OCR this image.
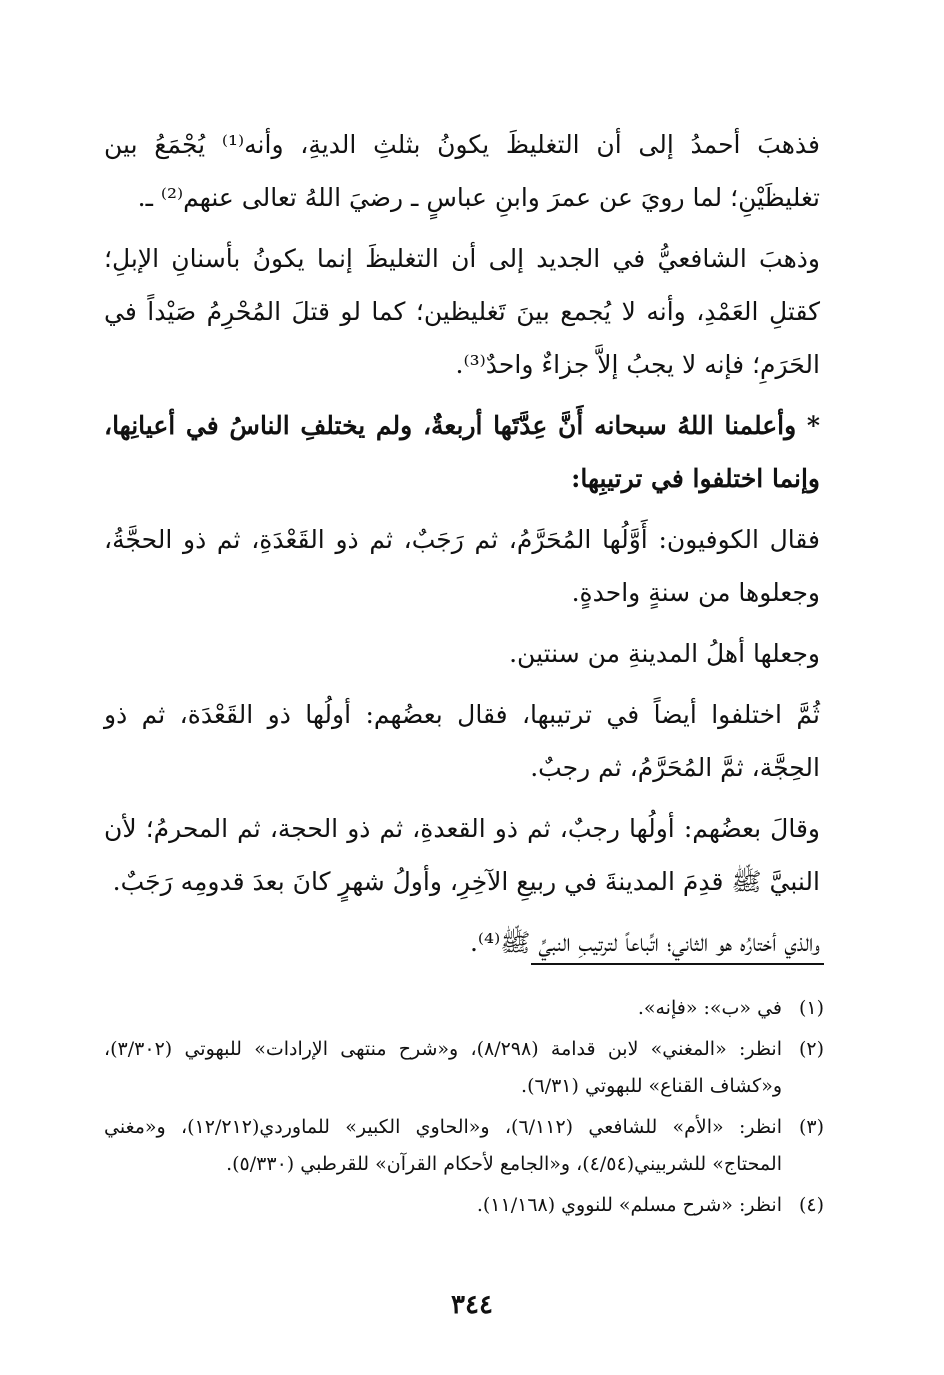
فذهبَ أحمدُ إلى أن التغليظَ يكونُ بثلثِ الديةِ، وأنه⁽¹⁾ يُجْمَعُ بين تغليظَيْنِ؛ لما رويَ عن عمرَ وابنِ عباسٍ ـ رضيَ اللهُ تعالى عنهم⁽²⁾ ـ.

وذهبَ الشافعيُّ في الجديد إلى أن التغليظَ إنما يكونُ بأسنانِ الإبلِ؛ كقتلِ العَمْدِ، وأنه لا يُجمع بينَ تَغليظين؛ كما لو قتلَ المُحْرِمُ صَيْداً في الحَرَمِ؛ فإنه لا يجبُ إلاَّ جزاءٌ واحدٌ⁽³⁾.

* وأعلمنا اللهُ سبحانه أَنَّ عِدَّتَها أربعةٌ، ولم يختلفِ الناسُ في أعيانِها، وإنما اختلفوا في ترتيبِها:

فقال الكوفيون: أَوَّلُها المُحَرَّمُ، ثم رَجَبٌ، ثم ذو القَعْدَةِ، ثم ذو الحجَّةُ، وجعلوها من سنةٍ واحدةٍ.

وجعلها أهلُ المدينةِ من سنتين.

ثُمَّ اختلفوا أيضاً في ترتيبها، فقال بعضُهم: أولُها ذو القَعْدَة، ثم ذو الحِجَّة، ثمَّ المُحَرَّمُ، ثم رجبٌ.

وقالَ بعضُهم: أولُها رجبٌ، ثم ذو القعدةِ، ثم ذو الحجة، ثم المحرمُ؛ لأن النبيَّ ﷺ قدِمَ المدينةَ في ربيعِ الآخِرِ، وأولُ شهرٍ كانَ بعدَ قدومِه رَجَبٌ.

والذي أختارُه هو الثاني؛ اتِّباعاً لترتيبِ النبيِّ ﷺ⁽⁴⁾.

(١)
في «ب»: «فإنه».
(٢)
انظر: «المغني» لابن قدامة (٨/٢٩٨)، و«شرح منتهى الإرادات» للبهوتي (٣/٣٠٢)، و«كشاف القناع» للبهوتي (٦/٣١).
(٣)
انظر: «الأم» للشافعي (٦/١١٢)، و«الحاوي الكبير» للماوردي(١٢/٢١٢)، و«مغني المحتاج» للشربيني(٤/٥٤)، و«الجامع لأحكام القرآن» للقرطبي (٥/٣٣٠).
(٤)
انظر: «شرح مسلم» للنووي (١١/١٦٨).
٣٤٤
